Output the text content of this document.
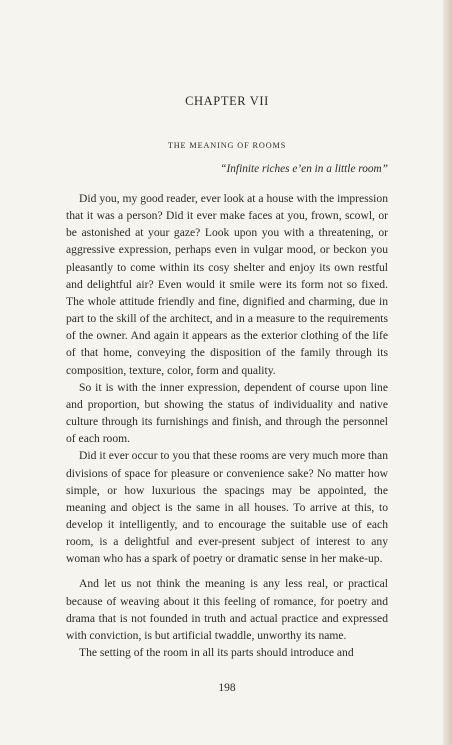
CHAPTER VII
THE MEANING OF ROOMS
“Infinite riches e’en in a little room”

Did you, my good reader, ever look at a house with the impression that it was a person? Did it ever make faces at you, frown, scowl, or be astonished at your gaze? Look upon you with a threatening, or aggressive expression, perhaps even in vulgar mood, or beckon you pleasantly to come within its cosy shelter and enjoy its own restful and delightful air? Even would it smile were its form not so fixed. The whole attitude friendly and fine, dignified and charming, due in part to the skill of the architect, and in a measure to the requirements of the owner. And again it appears as the exterior clothing of the life of that home, conveying the disposition of the family through its composition, texture, color, form and quality.

So it is with the inner expression, dependent of course upon line and proportion, but showing the status of individuality and native culture through its furnishings and finish, and through the personnel of each room.

Did it ever occur to you that these rooms are very much more than divisions of space for pleasure or convenience sake? No matter how simple, or how luxurious the spacings may be appointed, the meaning and object is the same in all houses. To arrive at this, to develop it intelligently, and to encourage the suitable use of each room, is a delightful and ever-present subject of interest to any woman who has a spark of poetry or dramatic sense in her make-up.

And let us not think the meaning is any less real, or practical because of weaving about it this feeling of romance, for poetry and drama that is not founded in truth and actual practice and expressed with conviction, is but artificial twaddle, unworthy its name.

The setting of the room in all its parts should introduce and

198
